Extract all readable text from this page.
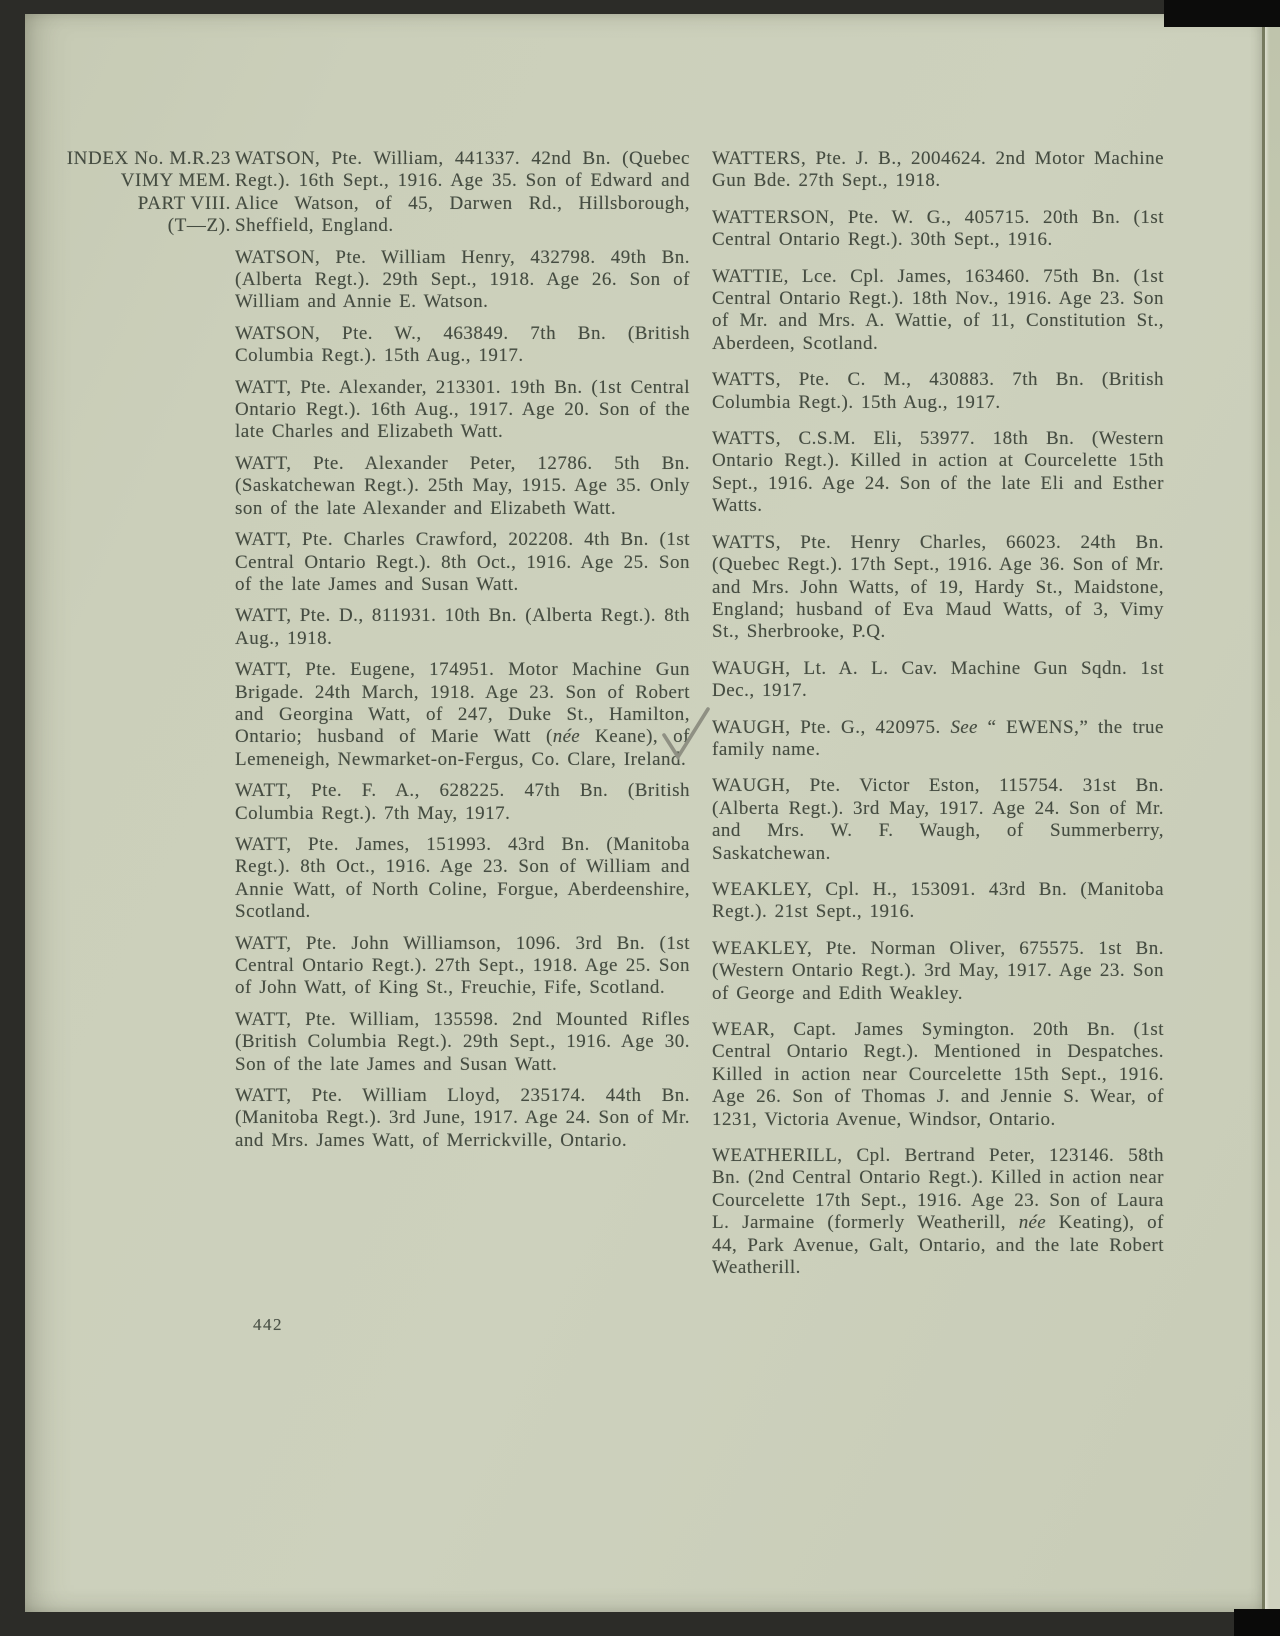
INDEX No. M.R.23
VIMY MEM.
PART VIII.
(T—Z).

WATSON, Pte. William, 441337. 42nd Bn. (Quebec Regt.). 16th Sept., 1916. Age 35. Son of Edward and Alice Watson, of 45, Darwen Rd., Hillsborough, Sheffield, England.

WATSON, Pte. William Henry, 432798. 49th Bn. (Alberta Regt.). 29th Sept., 1918. Age 26. Son of William and Annie E. Watson.

WATSON, Pte. W., 463849. 7th Bn. (British Columbia Regt.). 15th Aug., 1917.

WATT, Pte. Alexander, 213301. 19th Bn. (1st Central Ontario Regt.). 16th Aug., 1917. Age 20. Son of the late Charles and Elizabeth Watt.

WATT, Pte. Alexander Peter, 12786. 5th Bn. (Saskatchewan Regt.). 25th May, 1915. Age 35. Only son of the late Alexander and Elizabeth Watt.

WATT, Pte. Charles Crawford, 202208. 4th Bn. (1st Central Ontario Regt.). 8th Oct., 1916. Age 25. Son of the late James and Susan Watt.

WATT, Pte. D., 811931. 10th Bn. (Alberta Regt.). 8th Aug., 1918.

WATT, Pte. Eugene, 174951. Motor Machine Gun Brigade. 24th March, 1918. Age 23. Son of Robert and Georgina Watt, of 247, Duke St., Hamilton, Ontario; husband of Marie Watt (née Keane), of Lemeneigh, Newmarket-on-Fergus, Co. Clare, Ireland.

WATT, Pte. F. A., 628225. 47th Bn. (British Columbia Regt.). 7th May, 1917.

WATT, Pte. James, 151993. 43rd Bn. (Manitoba Regt.). 8th Oct., 1916. Age 23. Son of William and Annie Watt, of North Coline, Forgue, Aberdeenshire, Scotland.

WATT, Pte. John Williamson, 1096. 3rd Bn. (1st Central Ontario Regt.). 27th Sept., 1918. Age 25. Son of John Watt, of King St., Freuchie, Fife, Scotland.

WATT, Pte. William, 135598. 2nd Mounted Rifles (British Columbia Regt.). 29th Sept., 1916. Age 30. Son of the late James and Susan Watt.

WATT, Pte. William Lloyd, 235174. 44th Bn. (Manitoba Regt.). 3rd June, 1917. Age 24. Son of Mr. and Mrs. James Watt, of Merrickville, Ontario.

WATTERS, Pte. J. B., 2004624. 2nd Motor Machine Gun Bde. 27th Sept., 1918.

WATTERSON, Pte. W. G., 405715. 20th Bn. (1st Central Ontario Regt.). 30th Sept., 1916.

WATTIE, Lce. Cpl. James, 163460. 75th Bn. (1st Central Ontario Regt.). 18th Nov., 1916. Age 23. Son of Mr. and Mrs. A. Wattie, of 11, Constitution St., Aberdeen, Scotland.

WATTS, Pte. C. M., 430883. 7th Bn. (British Columbia Regt.). 15th Aug., 1917.

WATTS, C.S.M. Eli, 53977. 18th Bn. (Western Ontario Regt.). Killed in action at Courcelette 15th Sept., 1916. Age 24. Son of the late Eli and Esther Watts.

WATTS, Pte. Henry Charles, 66023. 24th Bn. (Quebec Regt.). 17th Sept., 1916. Age 36. Son of Mr. and Mrs. John Watts, of 19, Hardy St., Maidstone, England; husband of Eva Maud Watts, of 3, Vimy St., Sherbrooke, P.Q.

WAUGH, Lt. A. L. Cav. Machine Gun Sqdn. 1st Dec., 1917.

WAUGH, Pte. G., 420975. See “ EWENS,” the true family name.

WAUGH, Pte. Victor Eston, 115754. 31st Bn. (Alberta Regt.). 3rd May, 1917. Age 24. Son of Mr. and Mrs. W. F. Waugh, of Summerberry, Saskatchewan.

WEAKLEY, Cpl. H., 153091. 43rd Bn. (Manitoba Regt.). 21st Sept., 1916.

WEAKLEY, Pte. Norman Oliver, 675575. 1st Bn. (Western Ontario Regt.). 3rd May, 1917. Age 23. Son of George and Edith Weakley.

WEAR, Capt. James Symington. 20th Bn. (1st Central Ontario Regt.). Mentioned in Despatches. Killed in action near Courcelette 15th Sept., 1916. Age 26. Son of Thomas J. and Jennie S. Wear, of 1231, Victoria Avenue, Windsor, Ontario.

WEATHERILL, Cpl. Bertrand Peter, 123146. 58th Bn. (2nd Central Ontario Regt.). Killed in action near Courcelette 17th Sept., 1916. Age 23. Son of Laura L. Jarmaine (formerly Weatherill, née Keating), of 44, Park Avenue, Galt, Ontario, and the late Robert Weatherill.

442
